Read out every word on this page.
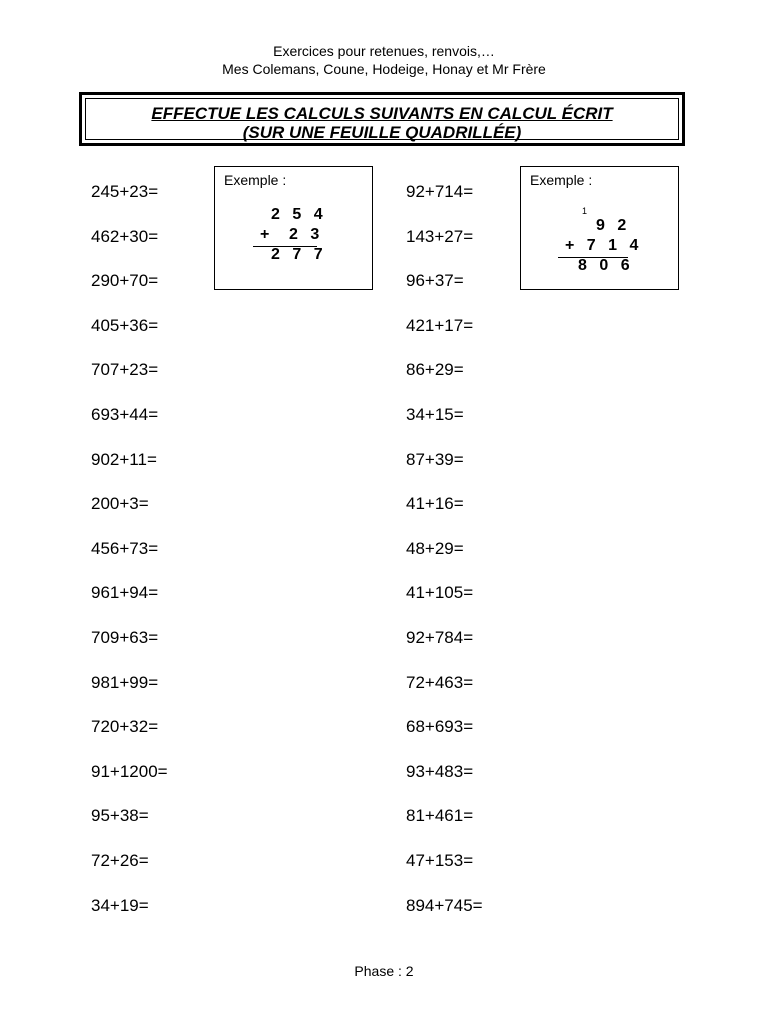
Exercices pour retenues, renvois,…
Mes Colemans, Coune, Hodeige, Honay et Mr Frère
EFFECTUE LES CALCULS SUIVANTS EN CALCUL ÉCRIT
(SUR UNE FEUILLE QUADRILLÉE)
Exemple :
2 5 4
+ 2 3
2 7 7
Exemple :
1
9 2
+ 7 1 4
8 0 6
245+23=
462+30=
290+70=
405+36=
707+23=
693+44=
902+11=
200+3=
456+73=
961+94=
709+63=
981+99=
720+32=
91+1200=
95+38=
72+26=
34+19=
92+714=
143+27=
96+37=
421+17=
86+29=
34+15=
87+39=
41+16=
48+29=
41+105=
92+784=
72+463=
68+693=
93+483=
81+461=
47+153=
894+745=
Phase : 2
